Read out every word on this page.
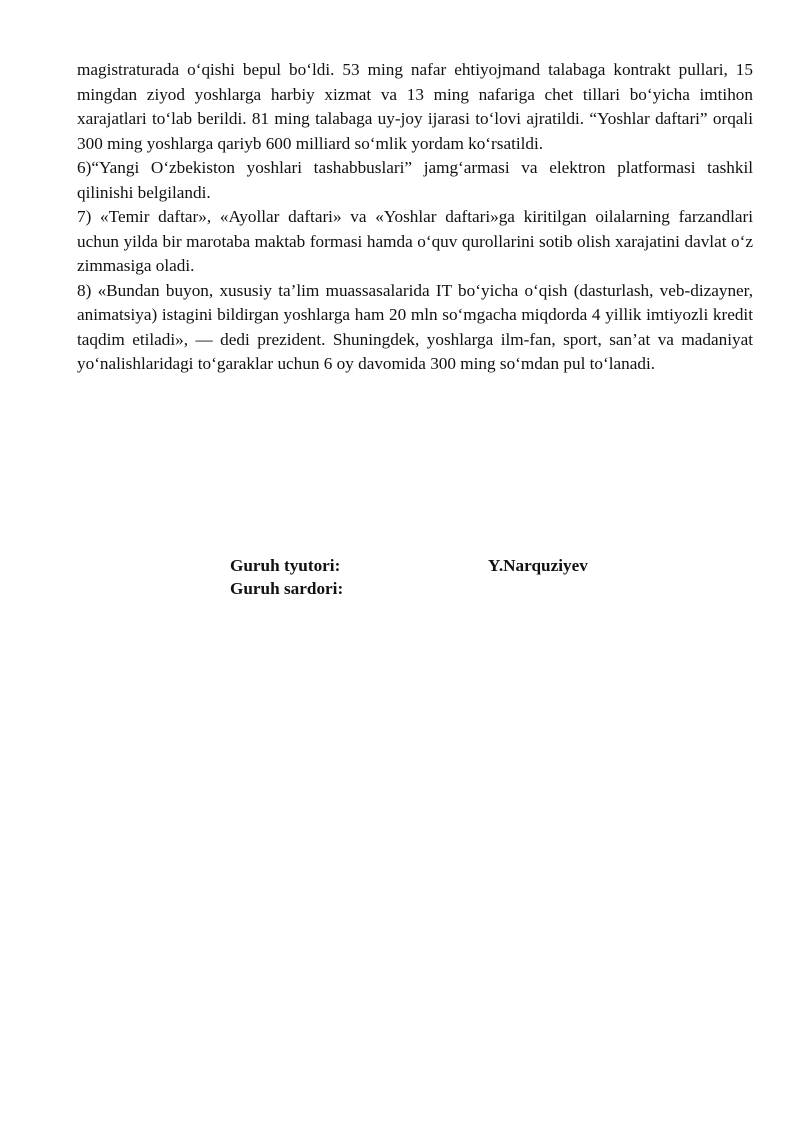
magistraturada o‘qishi bepul bo‘ldi. 53 ming nafar ehtiyojmand talabaga kontrakt pullari, 15 mingdan ziyod yoshlarga harbiy xizmat va 13 ming nafariga chet tillari bo‘yicha imtihon xarajatlari to‘lab berildi. 81 ming talabaga uy-joy ijarasi to‘lovi ajratildi. “Yoshlar daftari” orqali 300 ming yoshlarga qariyb 600 milliard so‘mlik yordam ko‘rsatildi.

6)“Yangi O‘zbekiston yoshlari tashabbuslari” jamg‘armasi va elektron platformasi tashkil qilinishi belgilandi.

7) «Temir daftar», «Ayollar daftari» va «Yoshlar daftari»ga kiritilgan oilalarning farzandlari uchun yilda bir marotaba maktab formasi hamda o‘quv qurollarini sotib olish xarajatini davlat o‘z zimmasiga oladi.

8) «Bundan buyon, xususiy ta’lim muassasalarida IT bo‘yicha o‘qish (dasturlash, veb-dizayner, animatsiya) istagini bildirgan yoshlarga ham 20 mln so‘mgacha miqdorda 4 yillik imtiyozli kredit taqdim etiladi», — dedi prezident. Shuningdek, yoshlarga ilm-fan, sport, san’at va madaniyat yo‘nalishlaridagi to‘garaklar uchun 6 oy davomida 300 ming so‘mdan pul to‘lanadi.

Guruh tyutori:	Y.Narquziyev
Guruh sardori:
